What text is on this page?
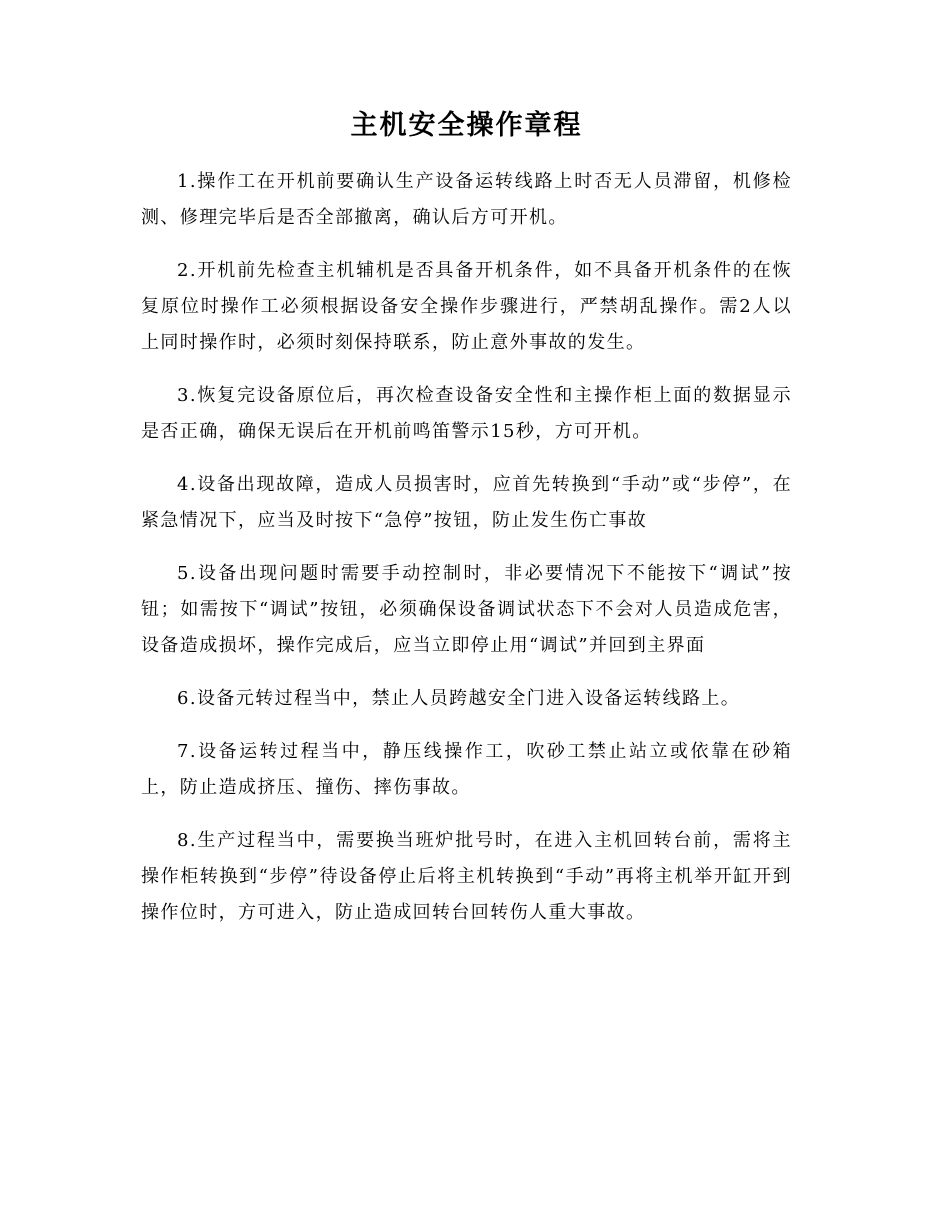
主机安全操作章程

1.操作工在开机前要确认生产设备运转线路上时否无人员滞留，机修检测、修理完毕后是否全部撤离，确认后方可开机。

2.开机前先检查主机辅机是否具备开机条件，如不具备开机条件的在恢复原位时操作工必须根据设备安全操作步骤进行，严禁胡乱操作。需2人以上同时操作时，必须时刻保持联系，防止意外事故的发生。

3.恢复完设备原位后，再次检查设备安全性和主操作柜上面的数据显示是否正确，确保无误后在开机前鸣笛警示15秒，方可开机。

4.设备出现故障，造成人员损害时，应首先转换到“手动”或“步停”，在紧急情况下，应当及时按下“急停”按钮，防止发生伤亡事故

5.设备出现问题时需要手动控制时，非必要情况下不能按下“调试”按钮；如需按下“调试”按钮，必须确保设备调试状态下不会对人员造成危害，设备造成损坏，操作完成后，应当立即停止用“调试”并回到主界面

6.设备元转过程当中，禁止人员跨越安全门进入设备运转线路上。

7.设备运转过程当中，静压线操作工，吹砂工禁止站立或依靠在砂箱上，防止造成挤压、撞伤、摔伤事故。

8.生产过程当中，需要换当班炉批号时，在进入主机回转台前，需将主操作柜转换到“步停”待设备停止后将主机转换到“手动”再将主机举开缸开到操作位时，方可进入，防止造成回转台回转伤人重大事故。
